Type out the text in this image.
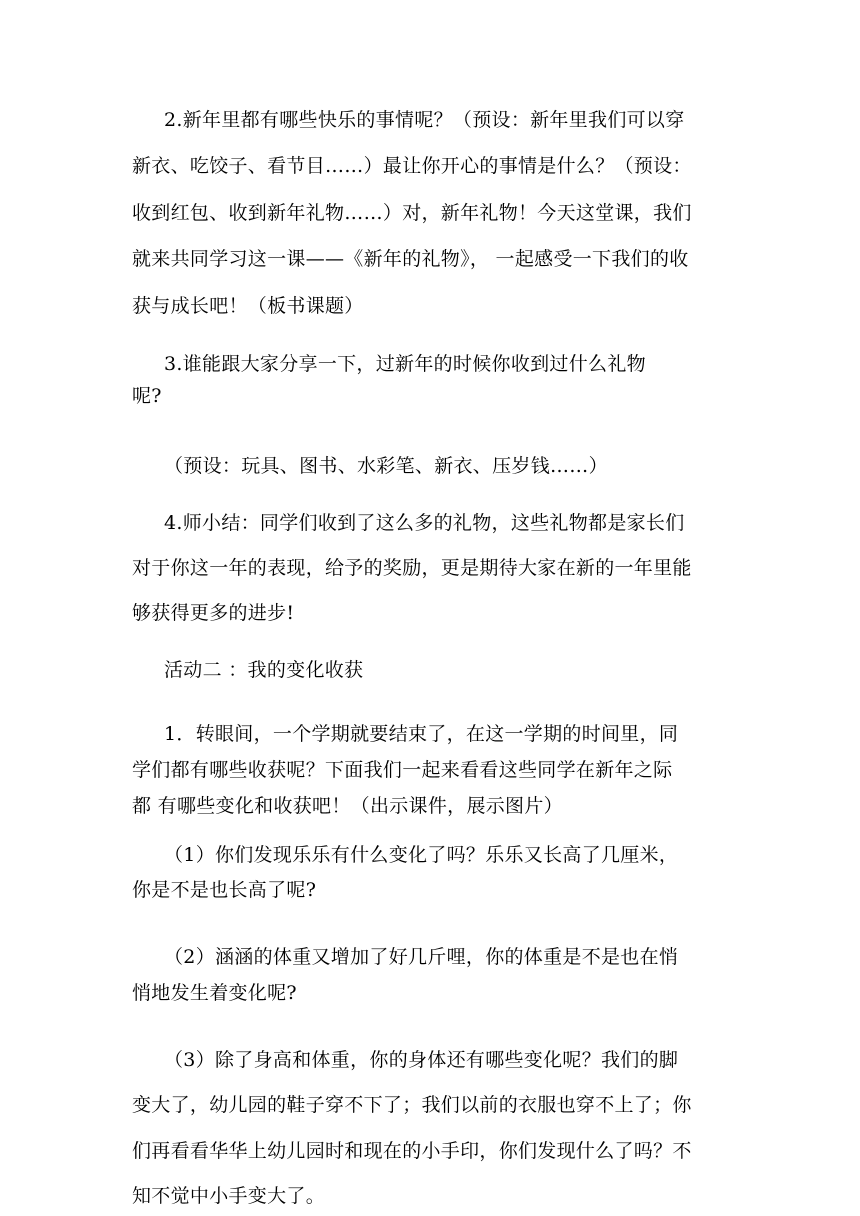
2.新年里都有哪些快乐的事情呢？（预设：新年里我们可以穿
新衣、吃饺子、看节目……）最让你开心的事情是什么？（预设：
收到红包、收到新年礼物……）对，新年礼物！今天这堂课，我们
就来共同学习这一课——《新年的礼物》， 一起感受一下我们的收
获与成长吧！（板书课题）
3.谁能跟大家分享一下，过新年的时候你收到过什么礼物
呢?
（预设：玩具、图书、水彩笔、新衣、压岁钱……）
4.师小结：同学们收到了这么多的礼物，这些礼物都是家长们
对于你这一年的表现，给予的奖励，更是期待大家在新的一年里能
够获得更多的进步!
活动二 ：我的变化收获
1．转眼间，一个学期就要结束了，在这一学期的时间里，同
学们都有哪些收获呢？下面我们一起来看看这些同学在新年之际
都 有哪些变化和收获吧！（出示课件，展示图片）
（1）你们发现乐乐有什么变化了吗？乐乐又长高了几厘米，
你是不是也长高了呢?
（2）涵涵的体重又增加了好几斤哩，你的体重是不是也在悄
悄地发生着变化呢?
（3）除了身高和体重，你的身体还有哪些变化呢？我们的脚
变大了，幼儿园的鞋子穿不下了；我们以前的衣服也穿不上了；你
们再看看华华上幼儿园时和现在的小手印，你们发现什么了吗？不
知不觉中小手变大了。
